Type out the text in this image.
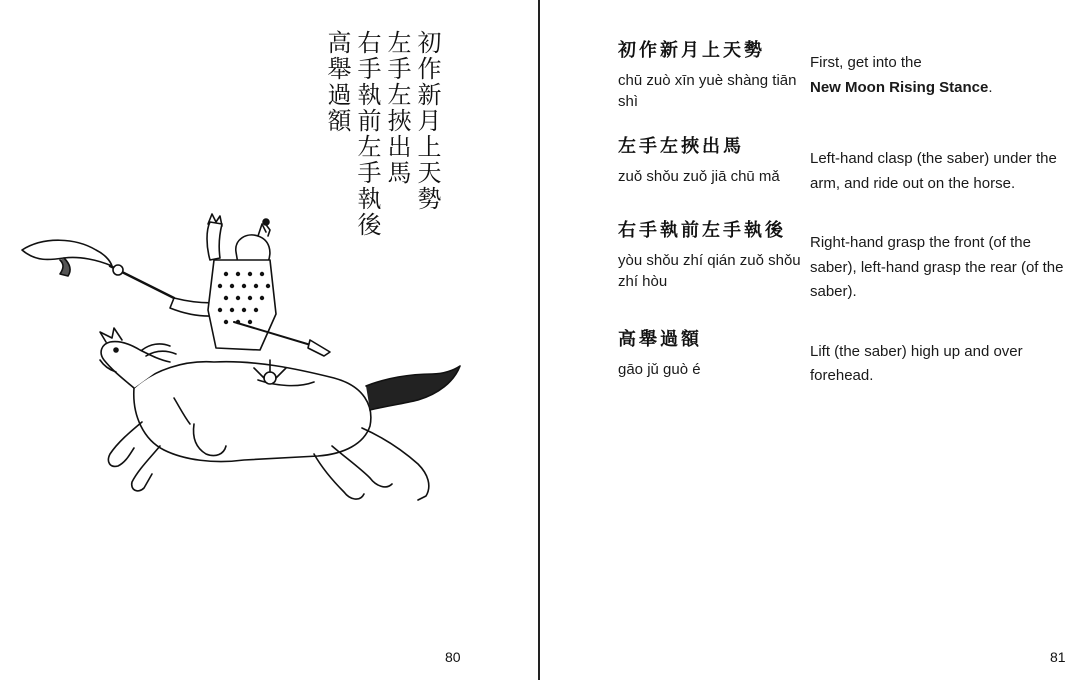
初作新月上天勢
左手左挾出馬
右手執前左手執後
高舉過額
80
初作新月上天勢
chū zuò xīn yuè shàng tiān shì
First, get into the
New Moon Rising Stance.
左手左挾出馬
zuǒ shǒu zuǒ jiā chū mǎ
Left-hand clasp (the saber) under the arm, and ride out on the horse.
右手執前左手執後
yòu shǒu zhí qián zuǒ shǒu zhí hòu
Right-hand grasp the front (of the saber), left-hand grasp the rear (of the saber).
高舉過額
gāo jǔ guò é
Lift (the saber) high up and over forehead.
81
